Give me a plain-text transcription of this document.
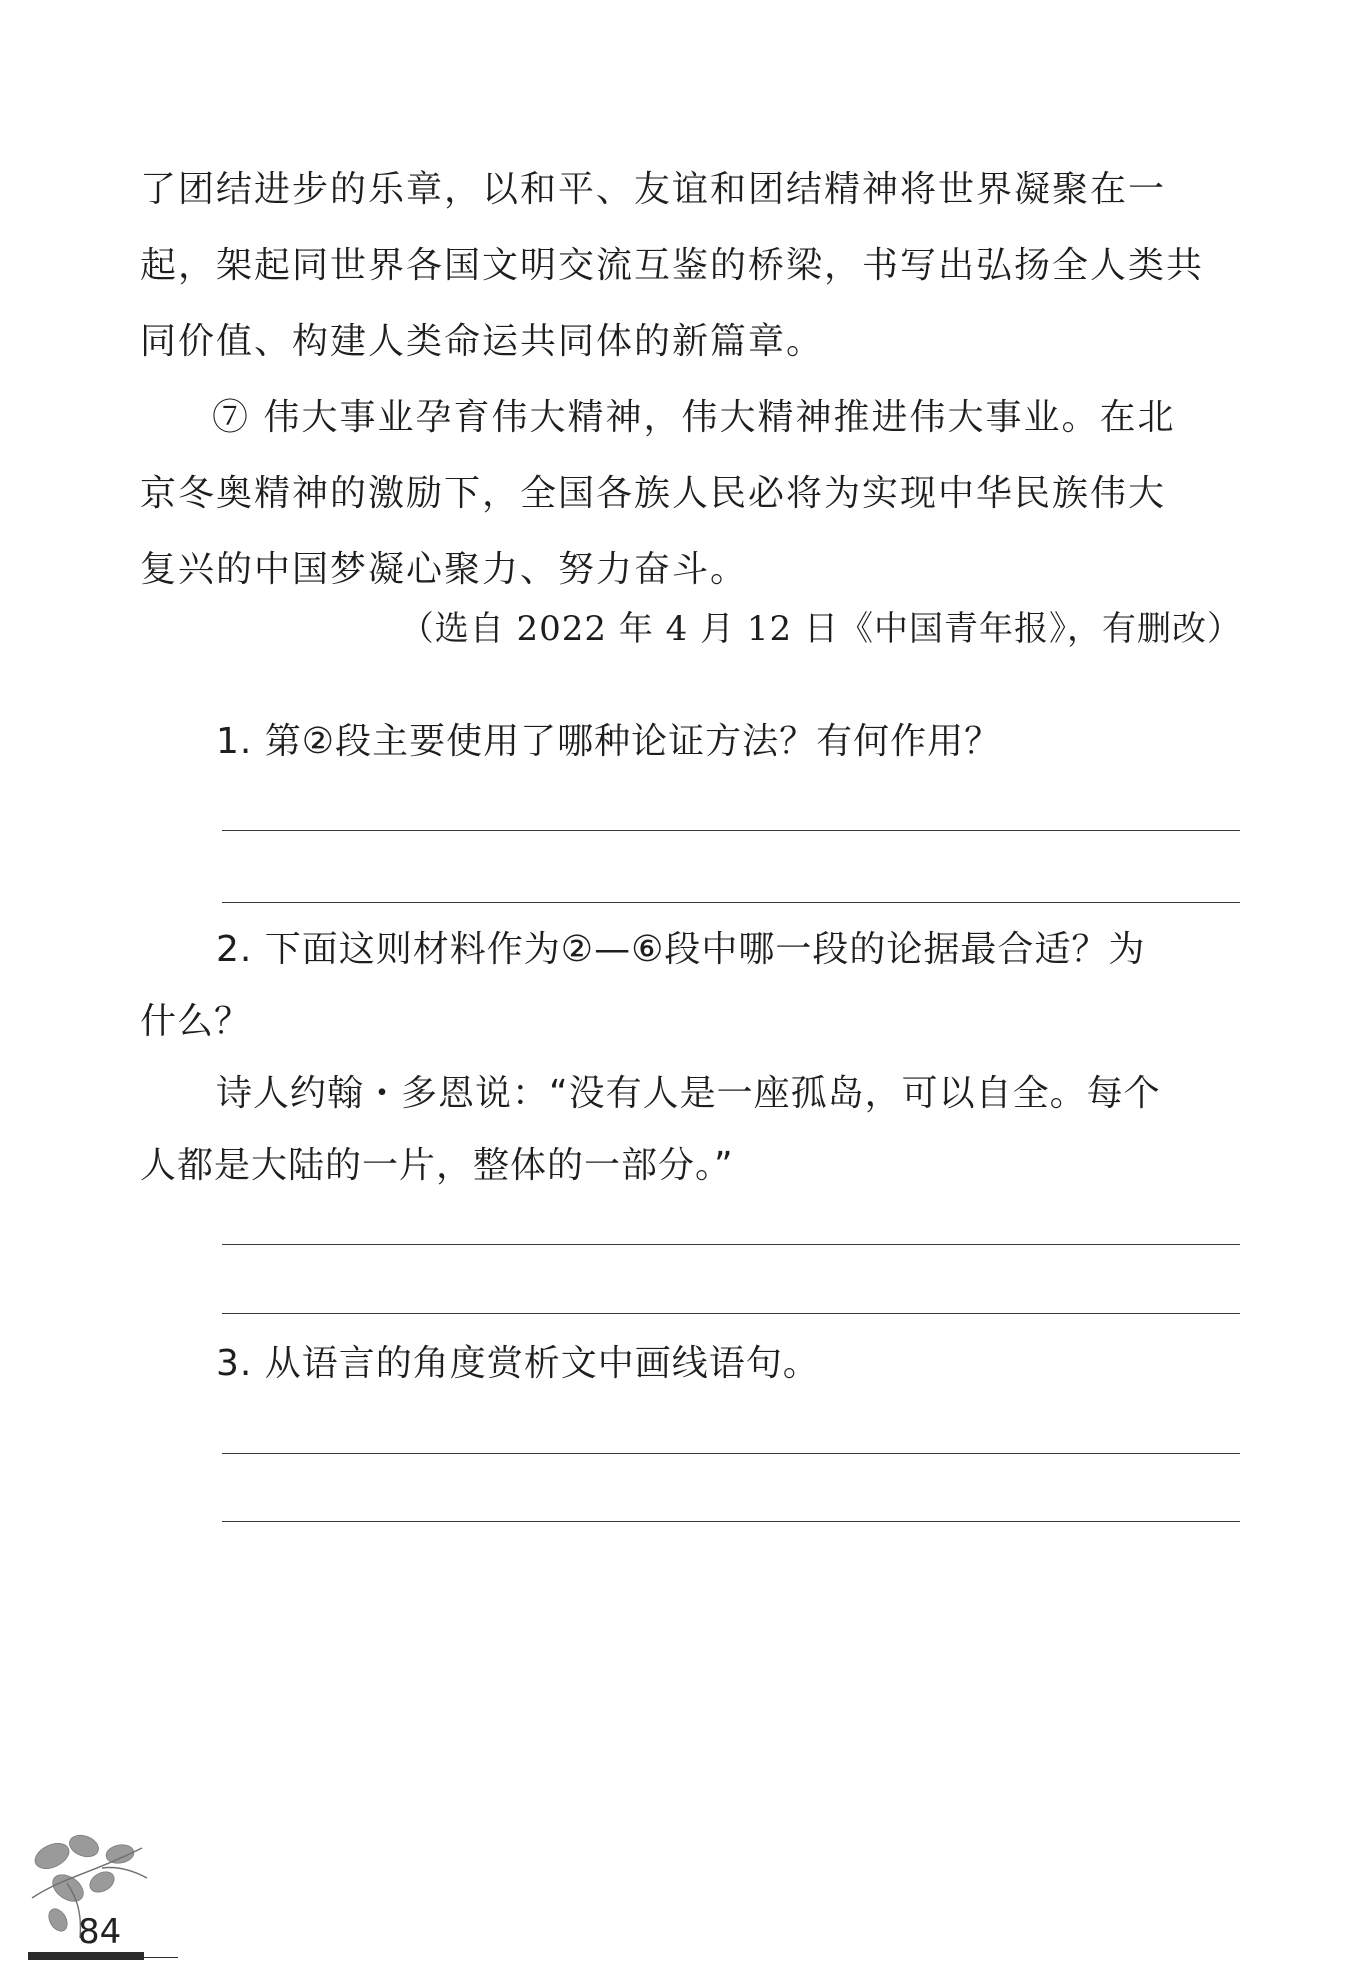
了团结进步的乐章，以和平、友谊和团结精神将世界凝聚在一
起，架起同世界各国文明交流互鉴的桥梁，书写出弘扬全人类共
同价值、构建人类命运共同体的新篇章。
⑦ 伟大事业孕育伟大精神，伟大精神推进伟大事业。在北
京冬奥精神的激励下，全国各族人民必将为实现中华民族伟大
复兴的中国梦凝心聚力、努力奋斗。
（选自 2022 年 4 月 12 日《中国青年报》，有删改）
1. 第②段主要使用了哪种论证方法？有何作用？
2. 下面这则材料作为②—⑥段中哪一段的论据最合适？为
什么？
诗人约翰・多恩说：“没有人是一座孤岛，可以自全。每个
人都是大陆的一片，整体的一部分。”
3. 从语言的角度赏析文中画线语句。
84
